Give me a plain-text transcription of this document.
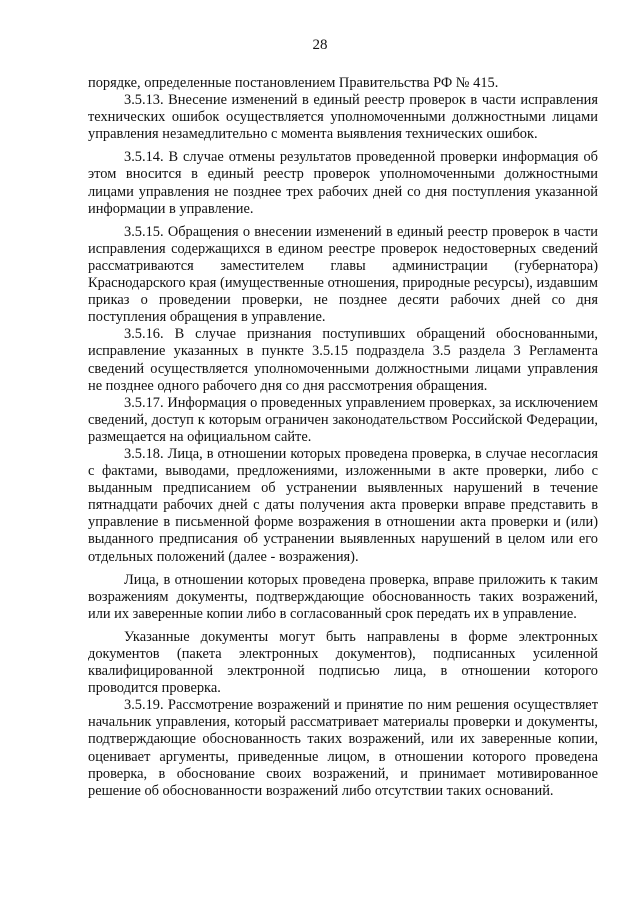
28

порядке, определенные постановлением Правительства РФ № 415.

3.5.13. Внесение изменений в единый реестр проверок в части исправления технических ошибок осуществляется уполномоченными должностными лицами управления незамедлительно с момента выявления технических ошибок.

3.5.14. В случае отмены результатов проведенной проверки информация об этом вносится в единый реестр проверок уполномоченными должностными лицами управления не позднее трех рабочих дней со дня поступления указанной информации в управление.

3.5.15. Обращения о внесении изменений в единый реестр проверок в части исправления содержащихся в едином реестре проверок недостоверных сведений рассматриваются заместителем главы администрации (губернатора) Краснодарского края (имущественные отношения, природные ресурсы), издавшим приказ о проведении проверки, не позднее десяти рабочих дней со дня поступления обращения в управление.

3.5.16. В случае признания поступивших обращений обоснованными, исправление указанных в пункте 3.5.15 подраздела 3.5 раздела 3 Регламента сведений осуществляется уполномоченными должностными лицами управления не позднее одного рабочего дня со дня рассмотрения обращения.

3.5.17. Информация о проведенных управлением проверках, за исключением сведений, доступ к которым ограничен законодательством Российской Федерации, размещается на официальном сайте.

3.5.18. Лица, в отношении которых проведена проверка, в случае несогласия с фактами, выводами, предложениями, изложенными в акте проверки, либо с выданным предписанием об устранении выявленных нарушений в течение пятнадцати рабочих дней с даты получения акта проверки вправе представить в управление в письменной форме возражения в отношении акта проверки и (или) выданного предписания об устранении выявленных нарушений в целом или его отдельных положений (далее - возражения).

Лица, в отношении которых проведена проверка, вправе приложить к таким возражениям документы, подтверждающие обоснованность таких возражений, или их заверенные копии либо в согласованный срок передать их в управление.

Указанные документы могут быть направлены в форме электронных документов (пакета электронных документов), подписанных усиленной квалифицированной электронной подписью лица, в отношении которого проводится проверка.

3.5.19. Рассмотрение возражений и принятие по ним решения осуществляет начальник управления, который рассматривает материалы проверки и документы, подтверждающие обоснованность таких возражений, или их заверенные копии, оценивает аргументы, приведенные лицом, в отношении которого проведена проверка, в обоснование своих возражений, и принимает мотивированное решение об обоснованности возражений либо отсутствии таких оснований.
